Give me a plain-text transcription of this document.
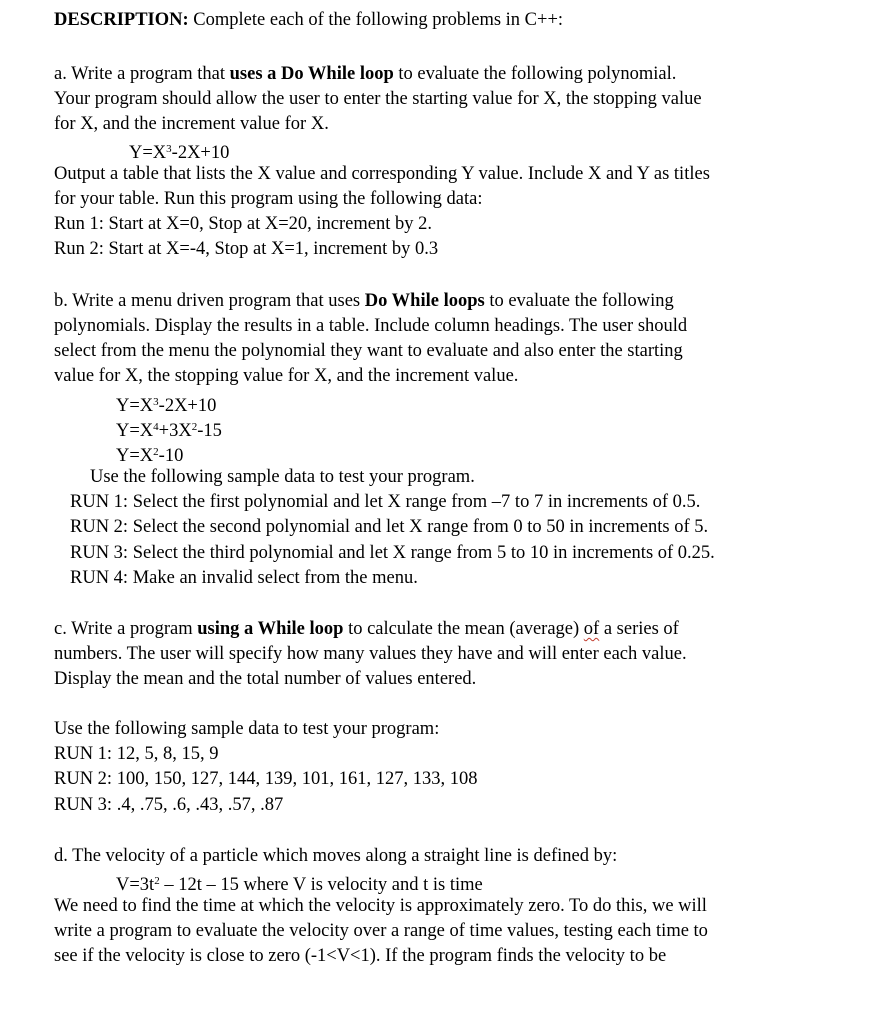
DESCRIPTION: Complete each of the following problems in C++:
a. Write a program that uses a Do While loop to evaluate the following polynomial.
Your program should allow the user to enter the starting value for X, the stopping value
for X, and the increment value for X.
$Y=X^3-2X+10$
Output a table that lists the X value and corresponding Y value. Include X and Y as titles
for your table. Run this program using the following data:
Run 1: Start at X=0, Stop at X=20, increment by 2.
Run 2: Start at X=-4, Stop at X=1, increment by 0.3
b. Write a menu driven program that uses Do While loops to evaluate the following
polynomials. Display the results in a table. Include column headings. The user should
select from the menu the polynomial they want to evaluate and also enter the starting
value for X, the stopping value for X, and the increment value.
$Y=X^3-2X+10$
$Y=X^4+3X^2-15$
$Y=X^2-10$
Use the following sample data to test your program.
RUN 1: Select the first polynomial and let X range from –7 to 7 in increments of 0.5.
RUN 2: Select the second polynomial and let X range from 0 to 50 in increments of 5.
RUN 3: Select the third polynomial and let X range from 5 to 10 in increments of 0.25.
RUN 4: Make an invalid select from the menu.
c. Write a program using a While loop to calculate the mean (average) of a series of
numbers. The user will specify how many values they have and will enter each value.
Display the mean and the total number of values entered.
Use the following sample data to test your program:
RUN 1: 12, 5, 8, 15, 9
RUN 2: 100, 150, 127, 144, 139, 101, 161, 127, 133, 108
RUN 3: .4, .75, .6, .43, .57, .87
d. The velocity of a particle which moves along a straight line is defined by:
$V=3t^2 - 12t - 15$ where V is velocity and t is time
We need to find the time at which the velocity is approximately zero. To do this, we will
write a program to evaluate the velocity over a range of time values, testing each time to
see if the velocity is close to zero (-1<V<1). If the program finds the velocity to be
